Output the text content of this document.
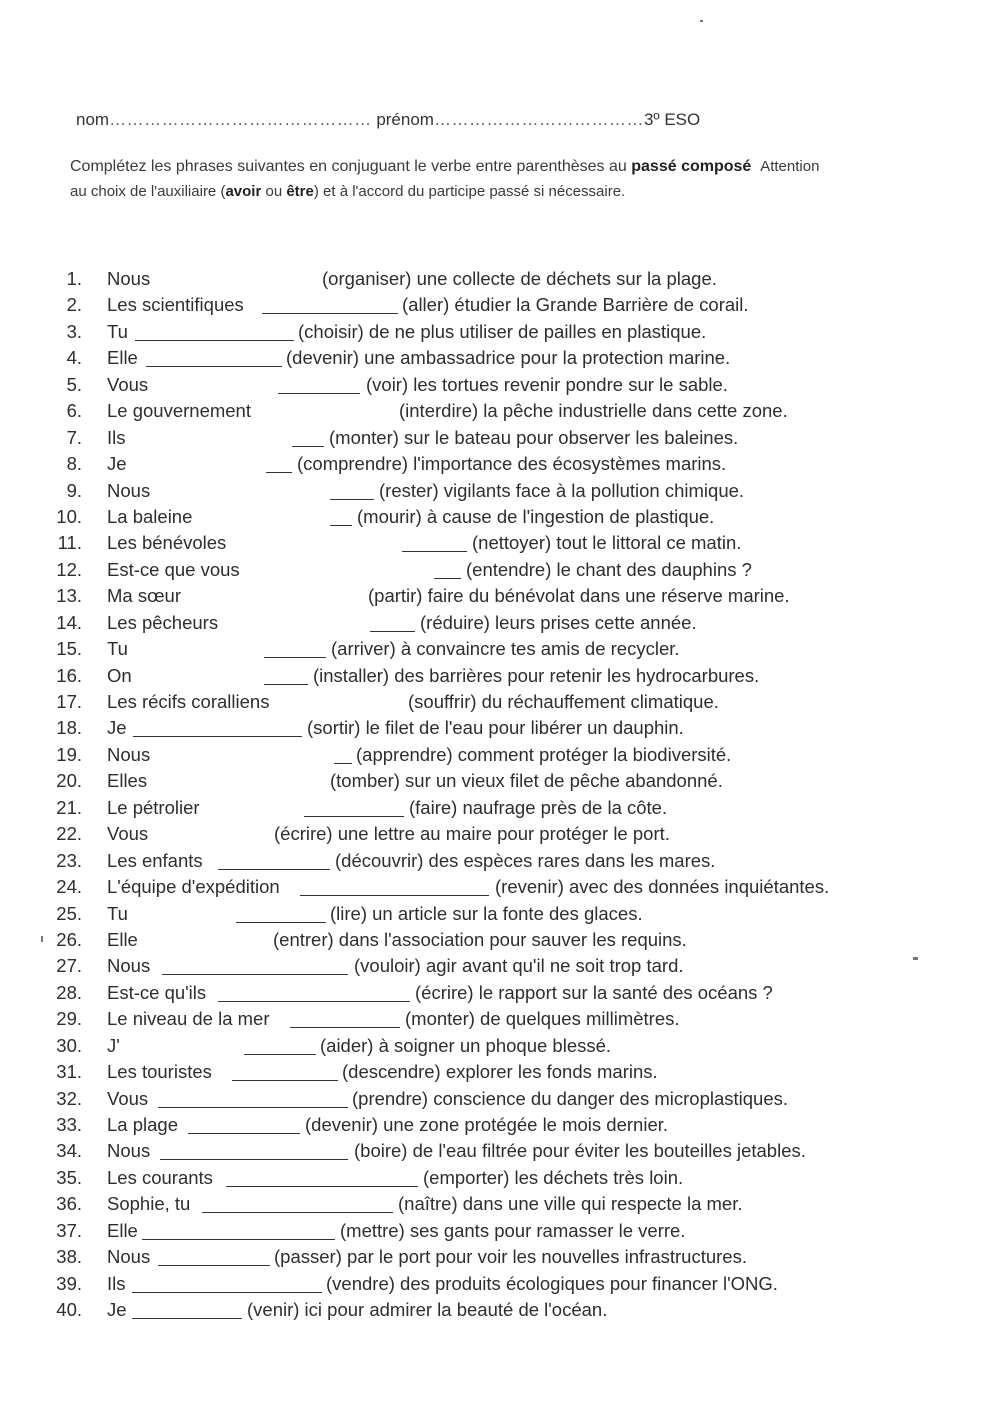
nom……………………………………… prénom………………………………3º ESO
Complétez les phrases suivantes en conjuguant le verbe entre parenthèses au passé composé Attention
au choix de l'auxiliaire (avoir ou être) et à l'accord du participe passé si nécessaire.
1. Nous	(organiser) une collecte de déchets sur la plage.
2. Les scientifiques	(aller) étudier la Grande Barrière de corail.
3. Tu	(choisir) de ne plus utiliser de pailles en plastique.
4. Elle	(devenir) une ambassadrice pour la protection marine.
5. Vous	(voir) les tortues revenir pondre sur le sable.
6. Le gouvernement	(interdire) la pêche industrielle dans cette zone.
7. Ils	(monter) sur le bateau pour observer les baleines.
8. Je	(comprendre) l'importance des écosystèmes marins.
9. Nous	(rester) vigilants face à la pollution chimique.
10. La baleine	(mourir) à cause de l'ingestion de plastique.
11. Les bénévoles	(nettoyer) tout le littoral ce matin.
12. Est-ce que vous	(entendre) le chant des dauphins ?
13. Ma sœur	(partir) faire du bénévolat dans une réserve marine.
14. Les pêcheurs	(réduire) leurs prises cette année.
15. Tu	(arriver) à convaincre tes amis de recycler.
16. On	(installer) des barrières pour retenir les hydrocarbures.
17. Les récifs coralliens	(souffrir) du réchauffement climatique.
18. Je	(sortir) le filet de l'eau pour libérer un dauphin.
19. Nous	(apprendre) comment protéger la biodiversité.
20. Elles	(tomber) sur un vieux filet de pêche abandonné.
21. Le pétrolier	(faire) naufrage près de la côte.
22. Vous	(écrire) une lettre au maire pour protéger le port.
23. Les enfants	(découvrir) des espèces rares dans les mares.
24. L'équipe d'expédition	(revenir) avec des données inquiétantes.
25. Tu	(lire) un article sur la fonte des glaces.
26. Elle	(entrer) dans l'association pour sauver les requins.
27. Nous	(vouloir) agir avant qu'il ne soit trop tard.
28. Est-ce qu'ils	(écrire) le rapport sur la santé des océans ?
29. Le niveau de la mer	(monter) de quelques millimètres.
30. J'	(aider) à soigner un phoque blessé.
31. Les touristes	(descendre) explorer les fonds marins.
32. Vous	(prendre) conscience du danger des microplastiques.
33. La plage	(devenir) une zone protégée le mois dernier.
34. Nous	(boire) de l'eau filtrée pour éviter les bouteilles jetables.
35. Les courants	(emporter) les déchets très loin.
36. Sophie, tu	(naître) dans une ville qui respecte la mer.
37. Elle	(mettre) ses gants pour ramasser le verre.
38. Nous	(passer) par le port pour voir les nouvelles infrastructures.
39. Ils	(vendre) des produits écologiques pour financer l'ONG.
40. Je	(venir) ici pour admirer la beauté de l'océan.
